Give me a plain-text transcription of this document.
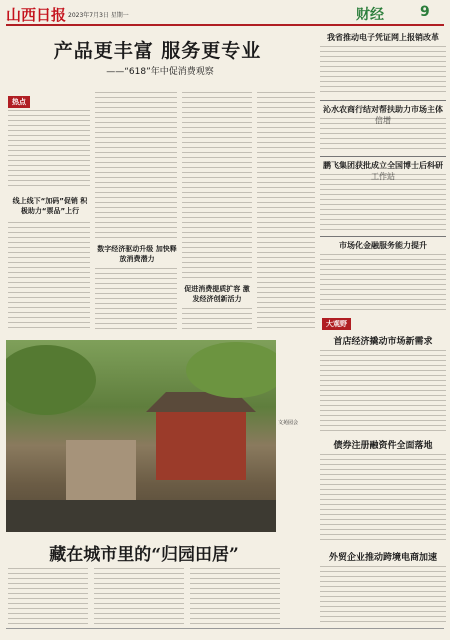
山西日报 2023年7月3日 星期一	财经	9
产品更丰富 服务更专业
——“618”年中促消费观察
热点
线上线下“加码”促销 积极助力“票品”上行
数字经济驱动升级 加快释放消费潜力
促进消费提质扩容 激发经济创新活力
文苑园会
藏在城市里的“归园田居”
我省推动电子凭证网上报销改革
沁水农商行结对帮扶助力市场主体
鹏飞集团获批成立全国博士后科研
市场化金融服务能力提升
大观野
首店经济撬动市场新需求
债券注册融资件全面落地
外贸企业推动跨境电商加速
